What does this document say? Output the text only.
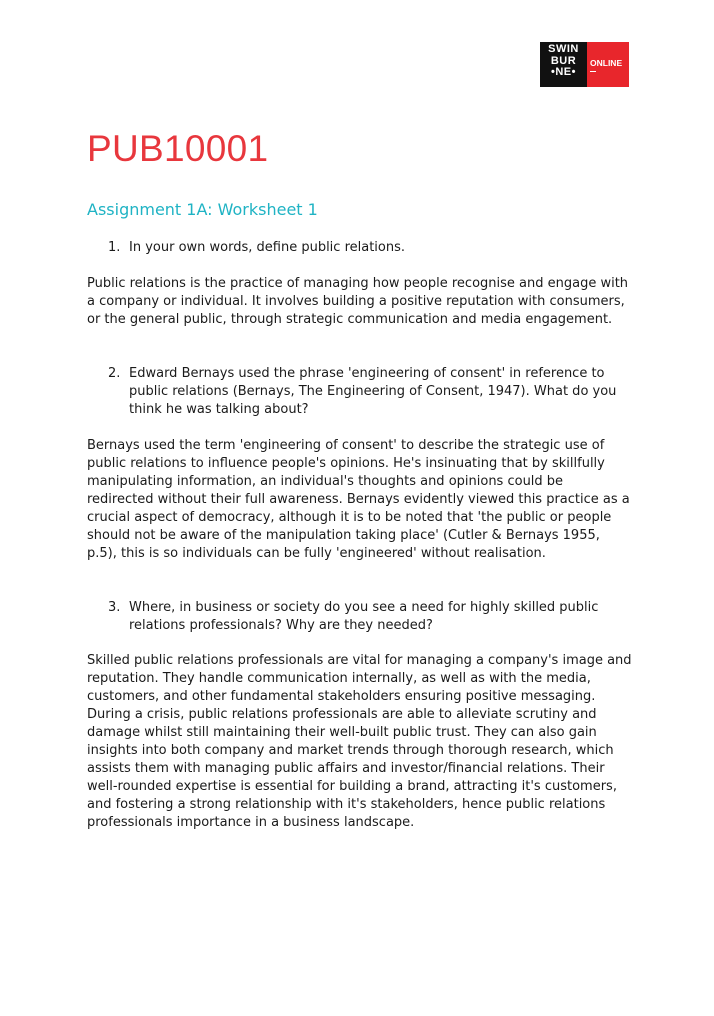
SWIN
BUR
•NE•
ONLINE
PUB10001
Assignment 1A: Worksheet 1
1. In your own words, define public relations.
Public relations is the practice of managing how people recognise and engage with a company or individual. It involves building a positive reputation with consumers, or the general public, through strategic communication and media engagement.
2. Edward Bernays used the phrase 'engineering of consent' in reference to public relations (Bernays, The Engineering of Consent, 1947). What do you think he was talking about?
Bernays used the term 'engineering of consent' to describe the strategic use of public relations to influence people's opinions. He's insinuating that by skillfully manipulating information, an individual's thoughts and opinions could be redirected without their full awareness. Bernays evidently viewed this practice as a crucial aspect of democracy, although it is to be noted that 'the public or people should not be aware of the manipulation taking place' (Cutler & Bernays 1955, p.5), this is so individuals can be fully 'engineered' without realisation.
3. Where, in business or society do you see a need for highly skilled public relations professionals? Why are they needed?
Skilled public relations professionals are vital for managing a company's image and reputation. They handle communication internally, as well as with the media, customers, and other fundamental stakeholders ensuring positive messaging. During a crisis, public relations professionals are able to alleviate scrutiny and damage whilst still maintaining their well-built public trust. They can also gain insights into both company and market trends through thorough research, which assists them with managing public affairs and investor/financial relations. Their well-rounded expertise is essential for building a brand, attracting it's customers, and fostering a strong relationship with it's stakeholders, hence public relations professionals importance in a business landscape.
